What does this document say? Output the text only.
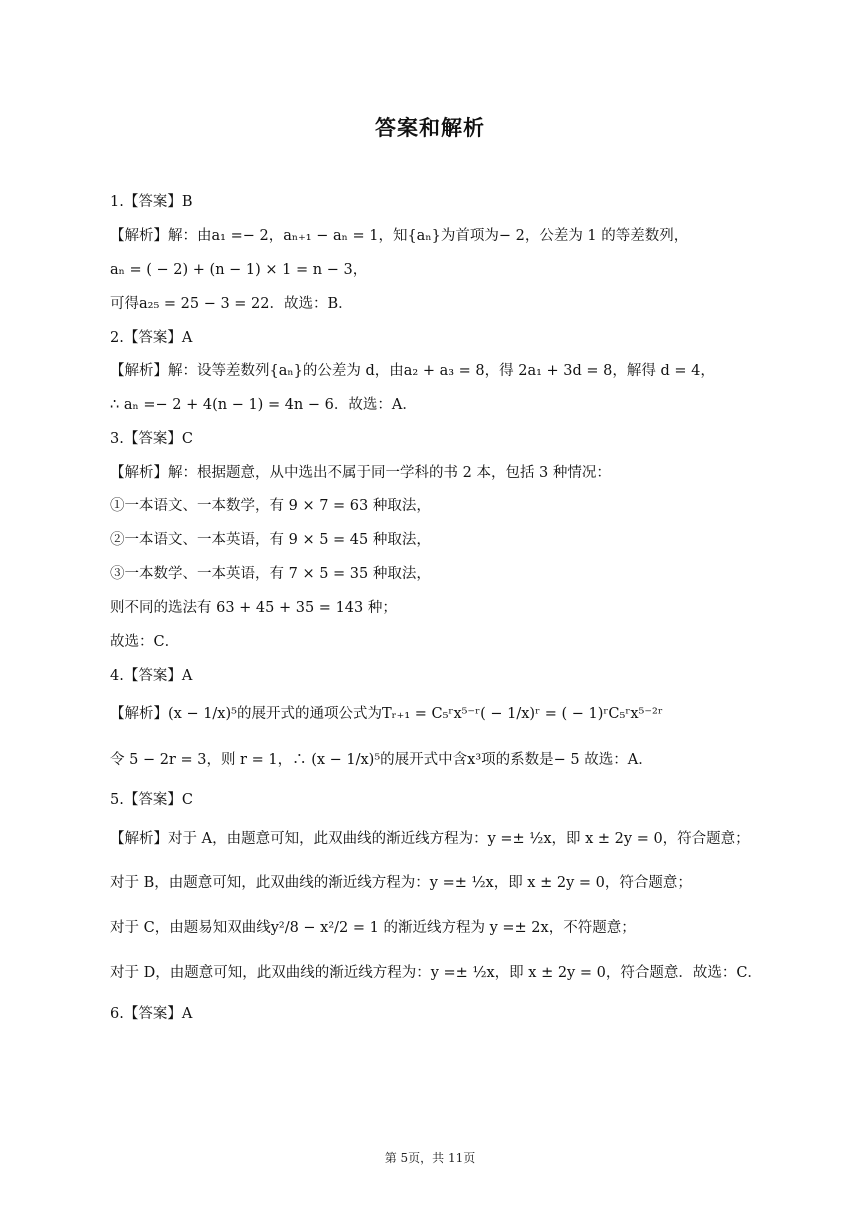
答案和解析
1.【答案】B
【解析】解：由a₁ =− 2，aₙ₊₁ − aₙ = 1，知{aₙ}为首项为− 2，公差为 1 的等差数列，
aₙ = ( − 2) + (n − 1) × 1 = n − 3，
可得a₂₅ = 25 − 3 = 22．故选：B．
2.【答案】A
【解析】解：设等差数列{aₙ}的公差为 d，由a₂ + a₃ = 8，得 2a₁ + 3d = 8，解得 d = 4，
∴ aₙ =− 2 + 4(n − 1) = 4n − 6．故选：A．
3.【答案】C
【解析】解：根据题意，从中选出不属于同一学科的书 2 本，包括 3 种情况：
①一本语文、一本数学，有 9 × 7 = 63 种取法，
②一本语文、一本英语，有 9 × 5 = 45 种取法，
③一本数学、一本英语，有 7 × 5 = 35 种取法，
则不同的选法有 63 + 45 + 35 = 143 种；
故选：C．
4.【答案】A
【解析】(x − 1/x)⁵的展开式的通项公式为Tᵣ₊₁ = C₅ʳx⁵⁻ʳ( − 1/x)ʳ = ( − 1)ʳC₅ʳx⁵⁻²ʳ
令 5 − 2r = 3，则 r = 1，∴ (x − 1/x)⁵的展开式中含x³项的系数是− 5 故选：A．
5.【答案】C
【解析】对于 A，由题意可知，此双曲线的渐近线方程为：y =± ½x，即 x ± 2y = 0，符合题意；
对于 B，由题意可知，此双曲线的渐近线方程为：y =± ½x，即 x ± 2y = 0，符合题意；
对于 C，由题易知双曲线y²/8 − x²/2 = 1 的渐近线方程为 y =± 2x，不符题意；
对于 D，由题意可知，此双曲线的渐近线方程为：y =± ½x，即 x ± 2y = 0，符合题意．故选：C．
6.【答案】A
第 5页，共 11页
